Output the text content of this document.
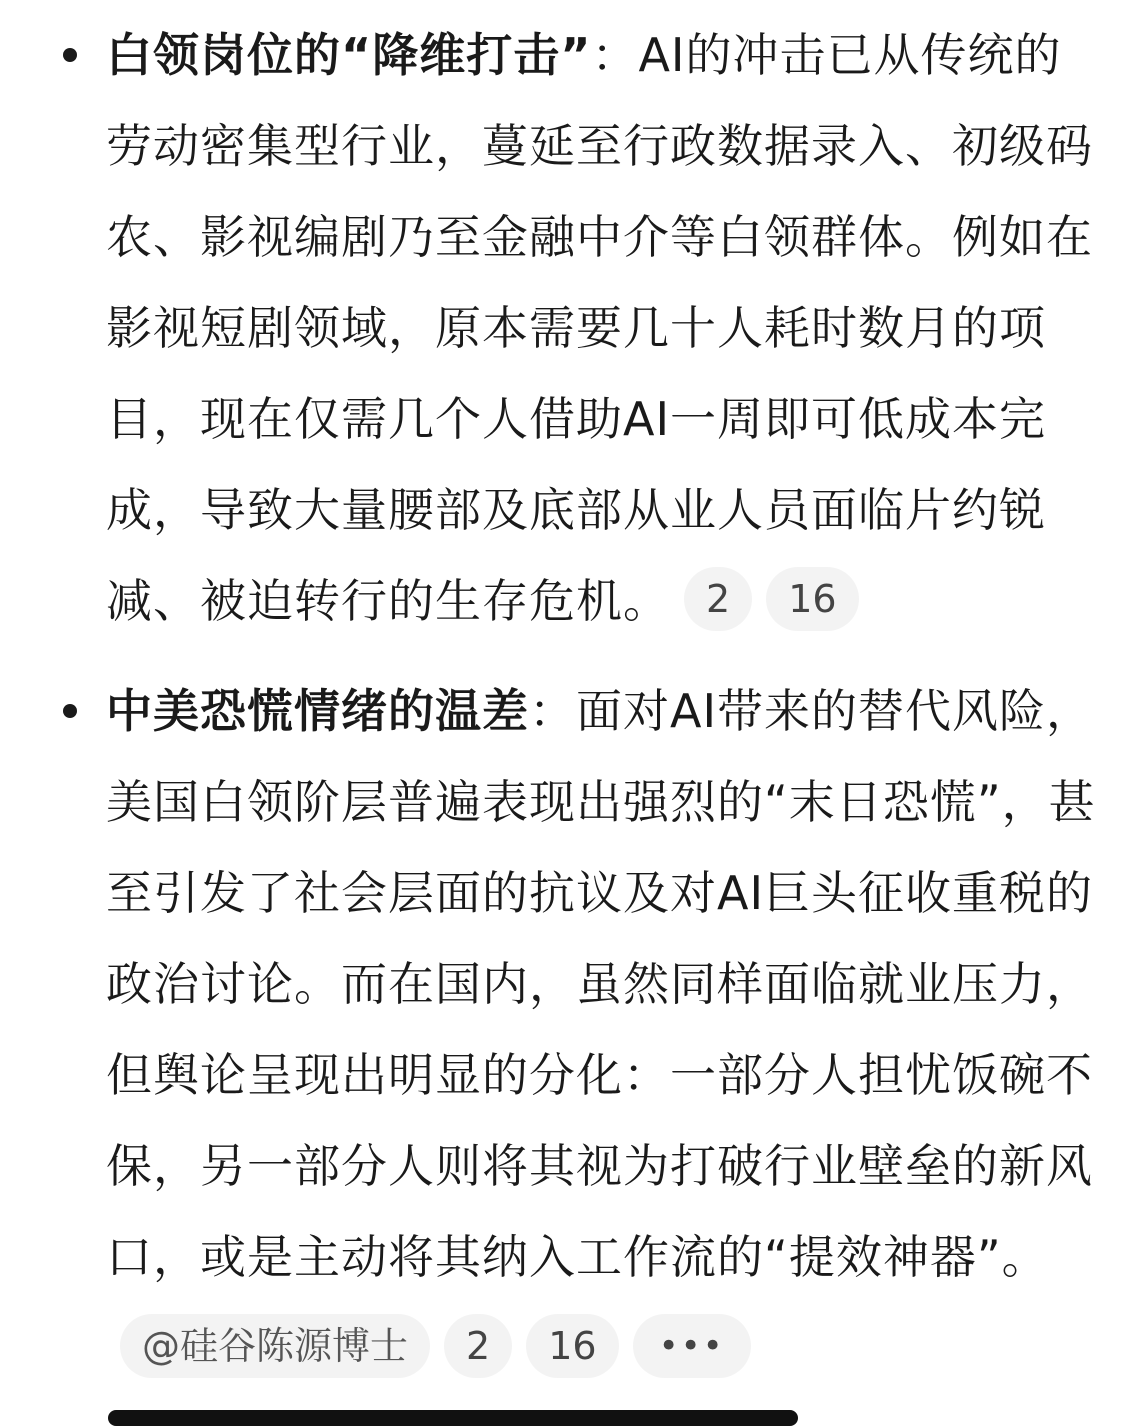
白领岗位的“降维打击”：AI的冲击已从传统的劳动密集型行业，蔓延至行政数据录入、初级码农、影视编剧乃至金融中介等白领群体。例如在影视短剧领域，原本需要几十人耗时数月的项目，现在仅需几个人借助AI一周即可低成本完成，导致大量腰部及底部从业人员面临片约锐减、被迫转行的生存危机。 2 16

中美恐慌情绪的温差：面对AI带来的替代风险，美国白领阶层普遍表现出强烈的“末日恐慌”，甚至引发了社会层面的抗议及对AI巨头征收重税的政治讨论。而在国内，虽然同样面临就业压力，但舆论呈现出明显的分化：一部分人担忧饭碗不保，另一部分人则将其视为打破行业壁垒的新风口，或是主动将其纳入工作流的“提效神器”。@硅谷陈源博士 2 16 •••
